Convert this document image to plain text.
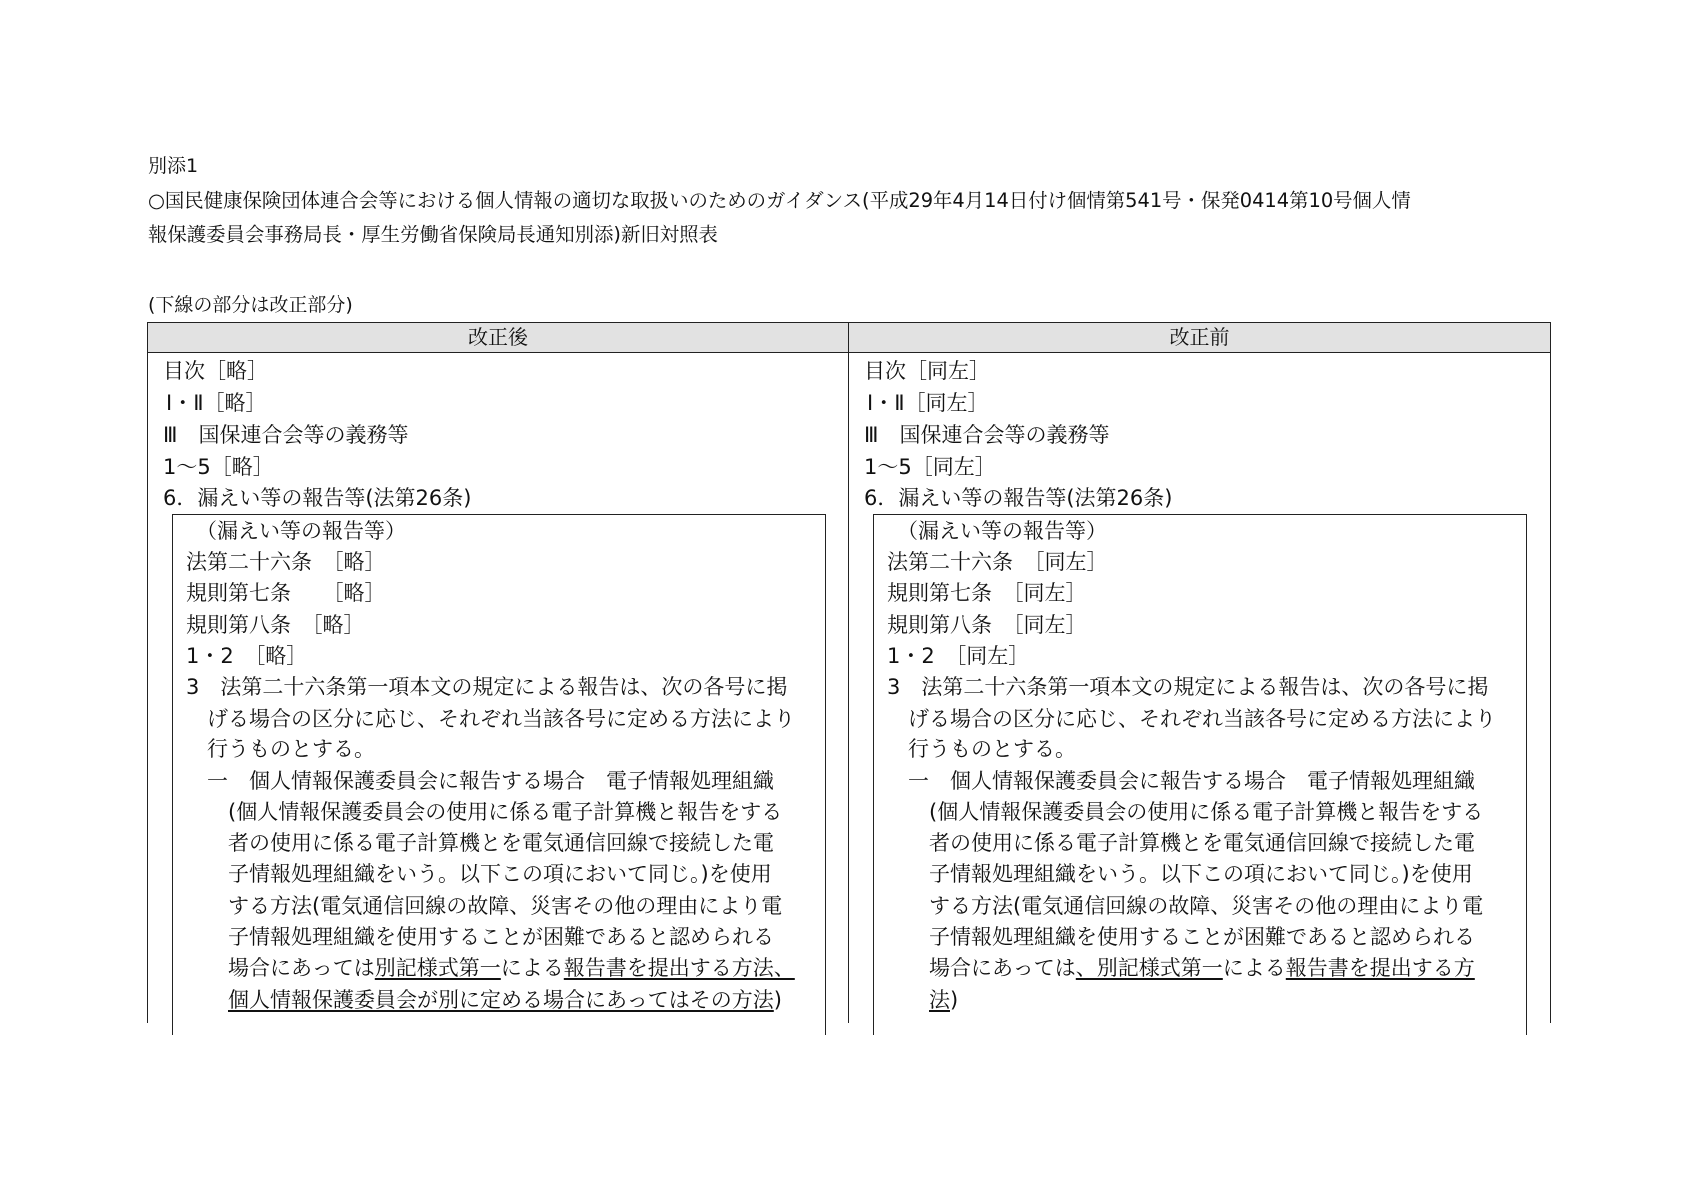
別添1
○国民健康保険団体連合会等における個人情報の適切な取扱いのためのガイダンス(平成29年4月14日付け個情第541号・保発0414第10号個人情
報保護委員会事務局長・厚生労働省保険局長通知別添)新旧対照表
(下線の部分は改正部分)
改正後	改正前
目次［略］
Ⅰ・Ⅱ［略］
Ⅲ　国保連合会等の義務等
1～5［略］
6．漏えい等の報告等(法第26条)
（漏えい等の報告等）
法第二十六条　［略］
規則第七条　　［略］
規則第八条　［略］
1・2　［略］
3　法第二十六条第一項本文の規定による報告は、次の各号に掲
げる場合の区分に応じ、それぞれ当該各号に定める方法により
行うものとする。
一　個人情報保護委員会に報告する場合　電子情報処理組織
(個人情報保護委員会の使用に係る電子計算機と報告をする
者の使用に係る電子計算機とを電気通信回線で接続した電
子情報処理組織をいう。以下この項において同じ。)を使用
する方法(電気通信回線の故障、災害その他の理由により電
子情報処理組織を使用することが困難であると認められる
場合にあっては別記様式第一による報告書を提出する方法、
個人情報保護委員会が別に定める場合にあってはその方法)
目次［同左］
Ⅰ・Ⅱ［同左］
Ⅲ　国保連合会等の義務等
1～5［同左］
6．漏えい等の報告等(法第26条)
（漏えい等の報告等）
法第二十六条　［同左］
規則第七条　［同左］
規則第八条　［同左］
1・2　［同左］
3　法第二十六条第一項本文の規定による報告は、次の各号に掲
げる場合の区分に応じ、それぞれ当該各号に定める方法により
行うものとする。
一　個人情報保護委員会に報告する場合　電子情報処理組織
(個人情報保護委員会の使用に係る電子計算機と報告をする
者の使用に係る電子計算機とを電気通信回線で接続した電
子情報処理組織をいう。以下この項において同じ。)を使用
する方法(電気通信回線の故障、災害その他の理由により電
子情報処理組織を使用することが困難であると認められる
場合にあっては、別記様式第一による報告書を提出する方
法)
